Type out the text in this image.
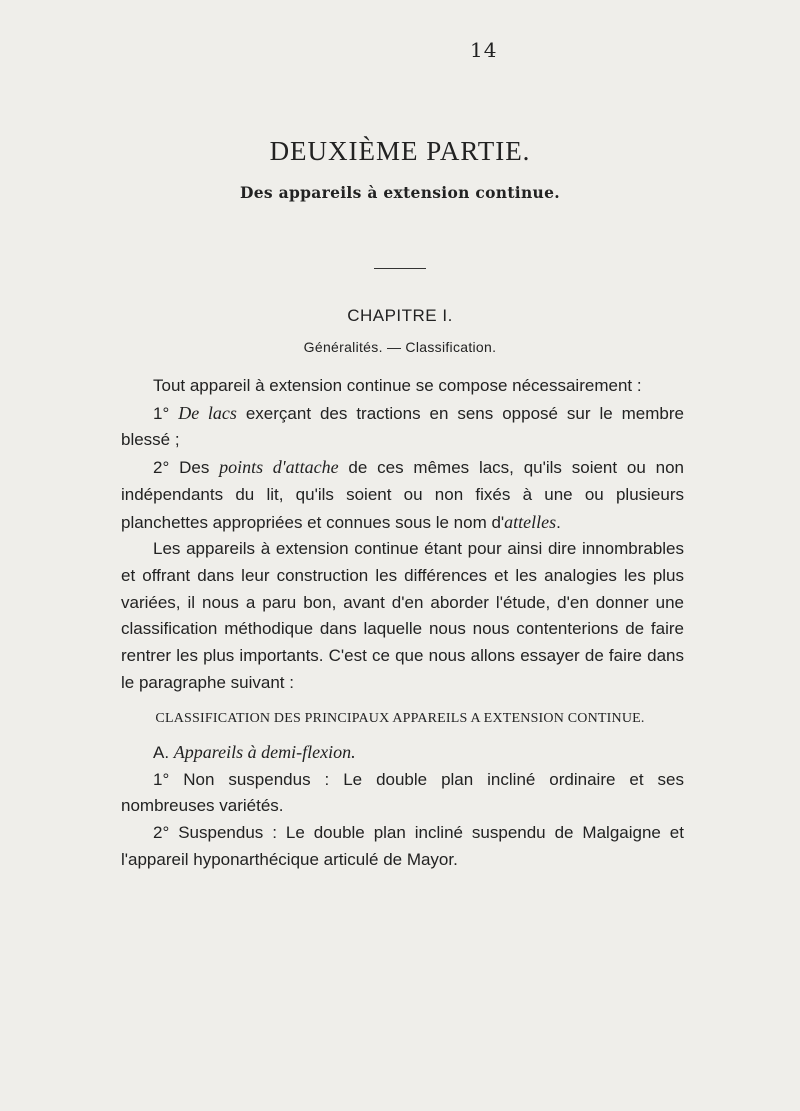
14
DEUXIÈME PARTIE.
Des appareils à extension continue.
CHAPITRE I.
Généralités. — Classification.

Tout appareil à extension continue se compose nécessairement :

1° De lacs exerçant des tractions en sens opposé sur le membre blessé ;

2° Des points d'attache de ces mêmes lacs, qu'ils soient ou non indépendants du lit, qu'ils soient ou non fixés à une ou plusieurs planchettes appropriées et connues sous le nom d'attelles.

Les appareils à extension continue étant pour ainsi dire innombrables et offrant dans leur construction les différences et les analogies les plus variées, il nous a paru bon, avant d'en aborder l'étude, d'en donner une classification méthodique dans laquelle nous nous contenterions de faire rentrer les plus importants. C'est ce que nous allons essayer de faire dans le paragraphe suivant :

CLASSIFICATION DES PRINCIPAUX APPAREILS A EXTENSION CONTINUE.

A. Appareils à demi-flexion.

1° Non suspendus : Le double plan incliné ordinaire et ses nombreuses variétés.

2° Suspendus : Le double plan incliné suspendu de Malgaigne et l'appareil hyponarthécique articulé de Mayor.
